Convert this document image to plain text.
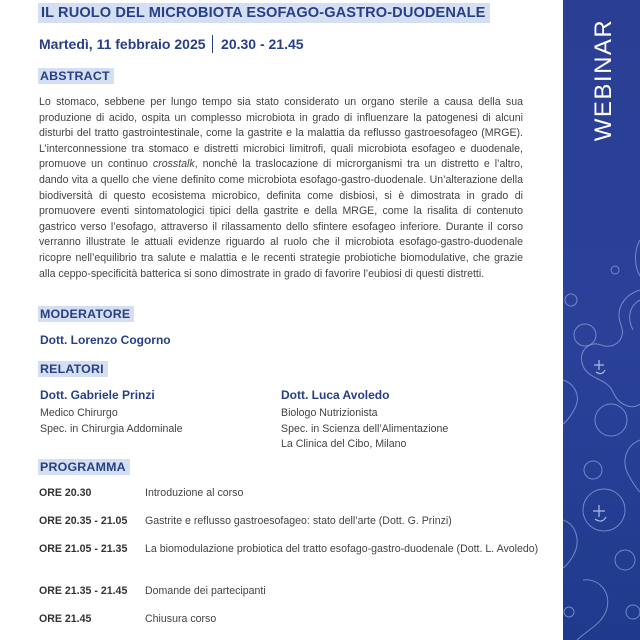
IL RUOLO DEL MICROBIOTA ESOFAGO-GASTRO-DUODENALE
Martedì, 11 febbraio 2025 20.30 - 21.45
ABSTRACT

Lo stomaco, sebbene per lungo tempo sia stato considerato un organo sterile a causa della sua produzione di acido, ospita un complesso microbiota in grado di influenzare la patogenesi di alcuni disturbi del tratto gastrointestinale, come la gastrite e la malattia da reflusso gastroesofageo (MRGE). L’interconnessione tra stomaco e distretti microbici limitrofi, quali microbiota esofageo e duodenale, promuove un continuo crosstalk, nonchè la traslocazione di microrganismi tra un distretto e l’altro, dando vita a quello che viene definito come microbiota esofago-gastro-duodenale. Un’alterazione della biodiversità di questo ecosistema microbico, definita come disbiosi, si è dimostrata in grado di promuovere eventi sintomatologici tipici della gastrite e della MRGE, come la risalita di contenuto gastrico verso l’esofago, attraverso il rilassamento dello sfintere esofageo inferiore. Durante il corso verranno illustrate le attuali evidenze riguardo al ruolo che il microbiota esofago-gastro-duodenale ricopre nell’equilibrio tra salute e malattia e le recenti strategie probiotiche biomodulative, che grazie alla ceppo-specificità batterica si sono dimostrate in grado di favorire l’eubiosi di questi distretti.

MODERATORE
Dott. Lorenzo Cogorno
RELATORI
Dott. Gabriele Prinzi
Medico Chirurgo
Spec. in Chirurgia Addominale
Dott. Luca Avoledo
Biologo Nutrizionista
Spec. in Scienza dell’Alimentazione
La Clinica del Cibo, Milano
PROGRAMMA
ORE 20.30	Introduzione al corso
ORE 20.35 - 21.05	Gastrite e reflusso gastroesofageo: stato dell’arte (Dott. G. Prinzi)
ORE 21.05 - 21.35	La biomodulazione probiotica del tratto esofago-gastro-duodenale (Dott. L. Avoledo)
ORE 21.35 - 21.45	Domande dei partecipanti
ORE 21.45	Chiusura corso
WEBINAR
